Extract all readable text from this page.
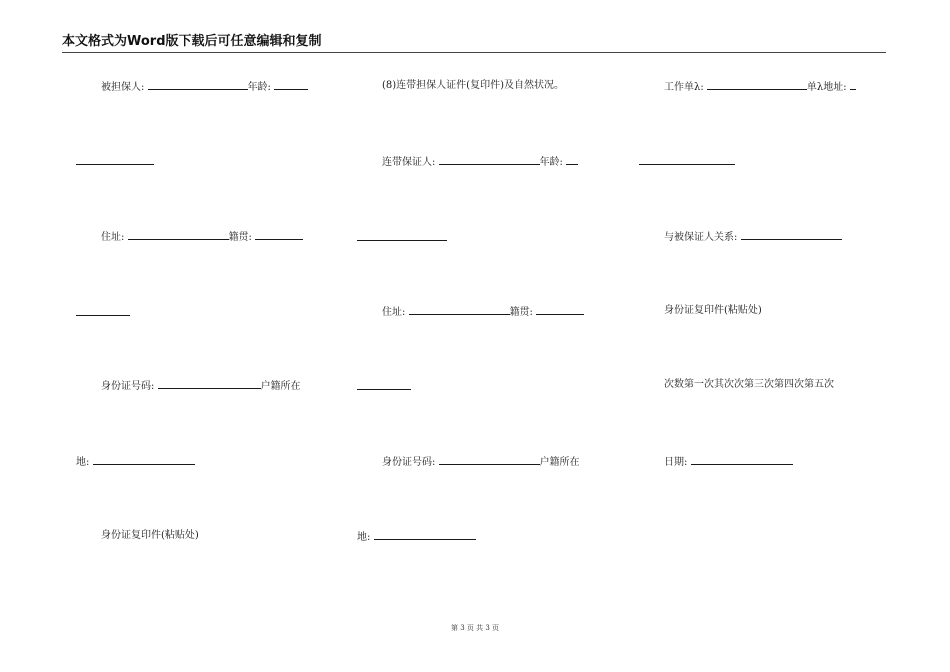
本文格式为Word版下载后可任意编辑和复制
被担保人:	年龄:
住址:	籍贯:
身份证号码:	户籍所在
地:
身份证复印件(粘贴处)
(8)连带担保人证件(复印件)及自然状况。
连带保证人:	年龄:
住址:	籍贯:
身份证号码:	户籍所在
地:
工作单λ:	单λ地址:
与被保证人关系:
身份证复印件(粘贴处)
次数第一次其次次第三次第四次第五次
日期:
第 3 页 共 3 页
